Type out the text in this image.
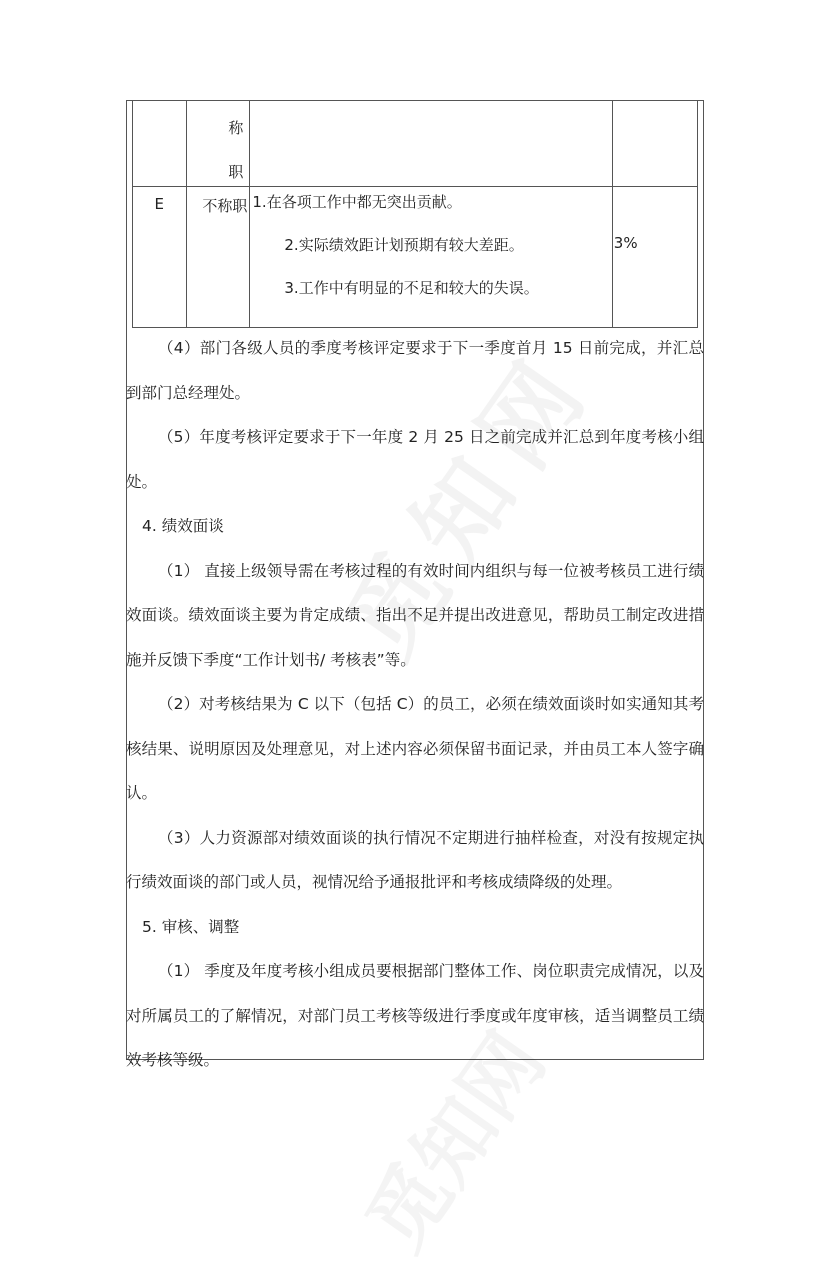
	称
职		

E	不称职	1.在各项工作中都无突出贡献。
2.实际绩效距计划预期有较大差距。
3.工作中有明显的不足和较大的失误。	3%

（4）部门各级人员的季度考核评定要求于下一季度首月 15 日前完成，并汇总到部门总经理处。

（5）年度考核评定要求于下一年度 2 月 25 日之前完成并汇总到年度考核小组处。

4. 绩效面谈

（1） 直接上级领导需在考核过程的有效时间内组织与每一位被考核员工进行绩效面谈。绩效面谈主要为肯定成绩、指出不足并提出改进意见，帮助员工制定改进措施并反馈下季度“工作计划书/ 考核表”等。

（2）对考核结果为 C 以下（包括 C）的员工，必须在绩效面谈时如实通知其考核结果、说明原因及处理意见，对上述内容必须保留书面记录，并由员工本人签字确认。

（3）人力资源部对绩效面谈的执行情况不定期进行抽样检查，对没有按规定执行绩效面谈的部门或人员，视情况给予通报批评和考核成绩降级的处理。

5. 审核、调整

（1） 季度及年度考核小组成员要根据部门整体工作、岗位职责完成情况，以及对所属员工的了解情况，对部门员工考核等级进行季度或年度审核，适当调整员工绩效考核等级。
